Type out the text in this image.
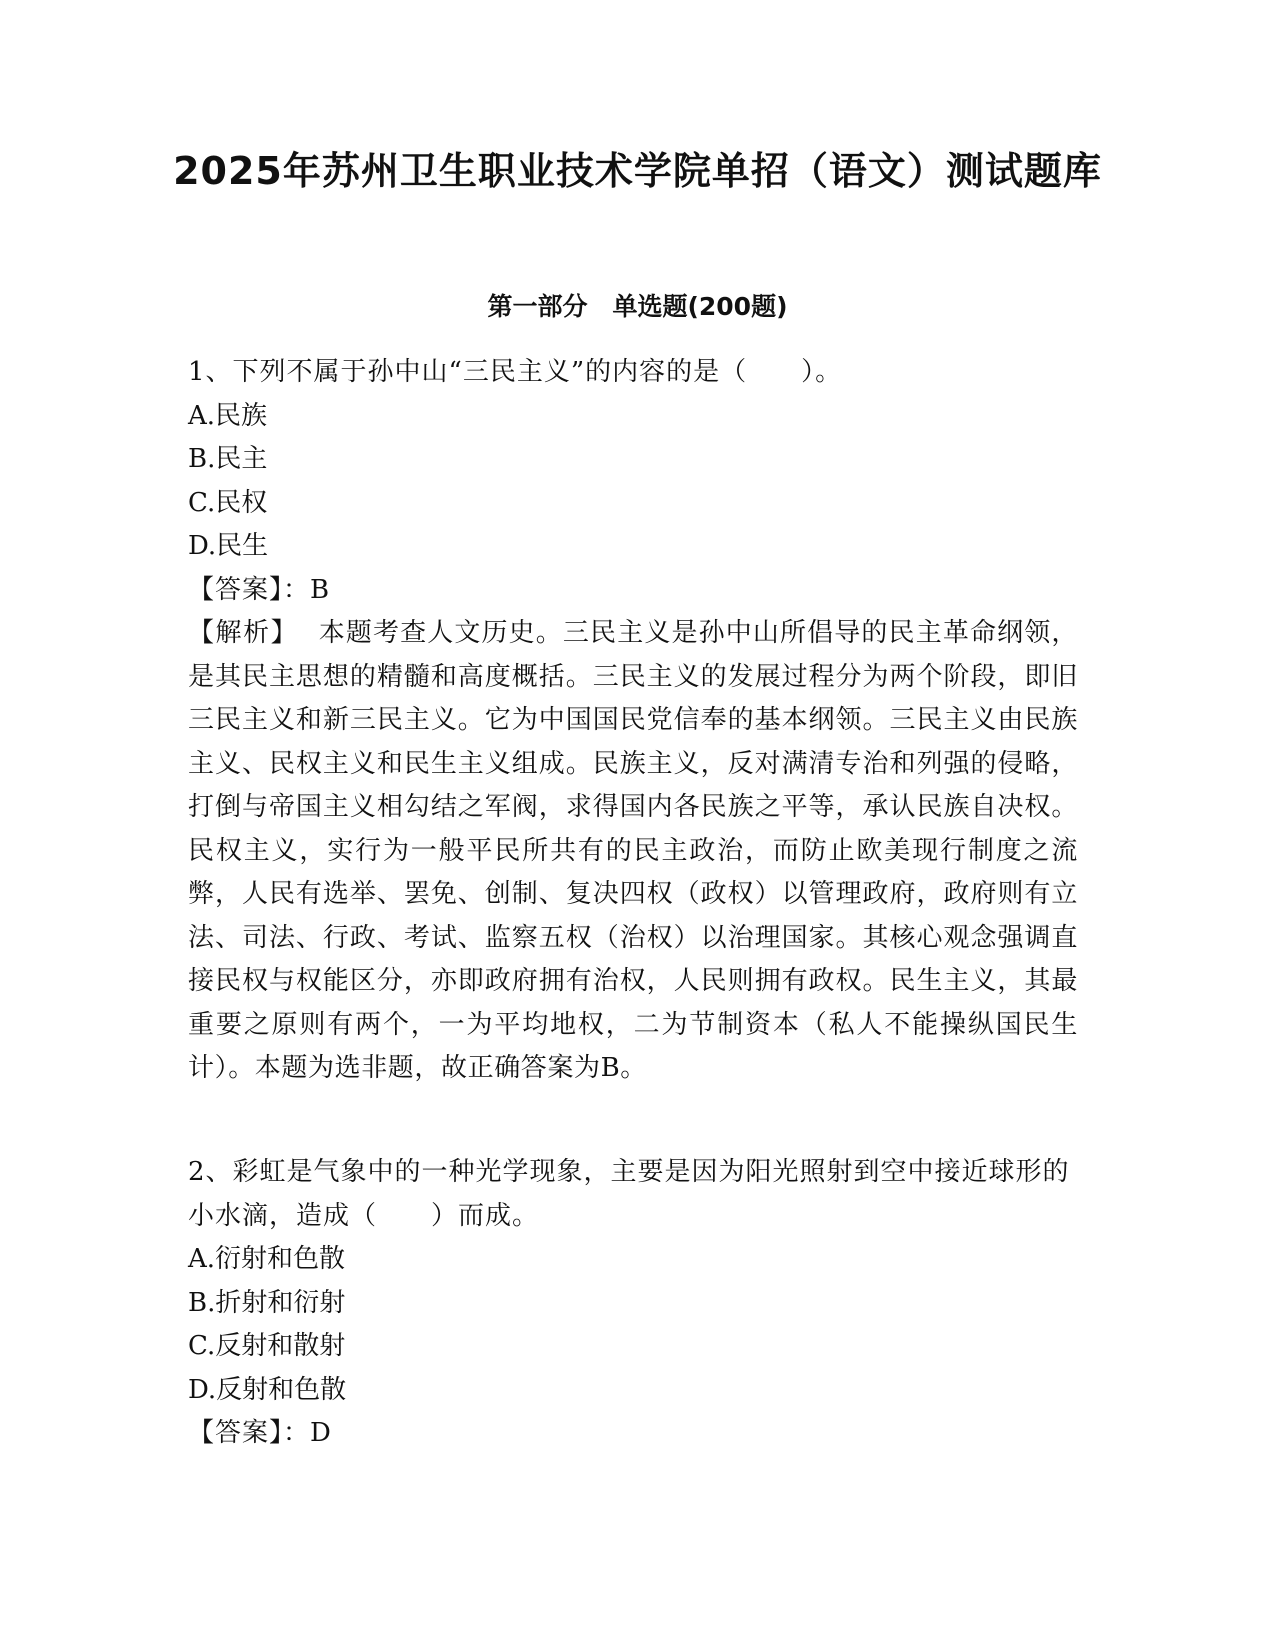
2025年苏州卫生职业技术学院单招（语文）测试题库
第一部分　单选题(200题)
1、下列不属于孙中山“三民主义”的内容的是（　　）。
A.民族
B.民主
C.民权
D.民生
【答案】：B
【解析】 本题考查人文历史。三民主义是孙中山所倡导的民主革命纲领，是其民主思想的精髓和高度概括。三民主义的发展过程分为两个阶段，即旧三民主义和新三民主义。它为中国国民党信奉的基本纲领。三民主义由民族主义、民权主义和民生主义组成。民族主义，反对满清专治和列强的侵略，打倒与帝国主义相勾结之军阀，求得国内各民族之平等，承认民族自决权。民权主义，实行为一般平民所共有的民主政治，而防止欧美现行制度之流弊，人民有选举、罢免、创制、复决四权（政权）以管理政府，政府则有立法、司法、行政、考试、监察五权（治权）以治理国家。其核心观念强调直接民权与权能区分，亦即政府拥有治权，人民则拥有政权。民生主义，其最重要之原则有两个，一为平均地权，二为节制资本（私人不能操纵国民生计）。本题为选非题，故正确答案为B。
2、彩虹是气象中的一种光学现象，主要是因为阳光照射到空中接近球形的小水滴，造成（　　）而成。
A.衍射和色散
B.折射和衍射
C.反射和散射
D.反射和色散
【答案】：D
